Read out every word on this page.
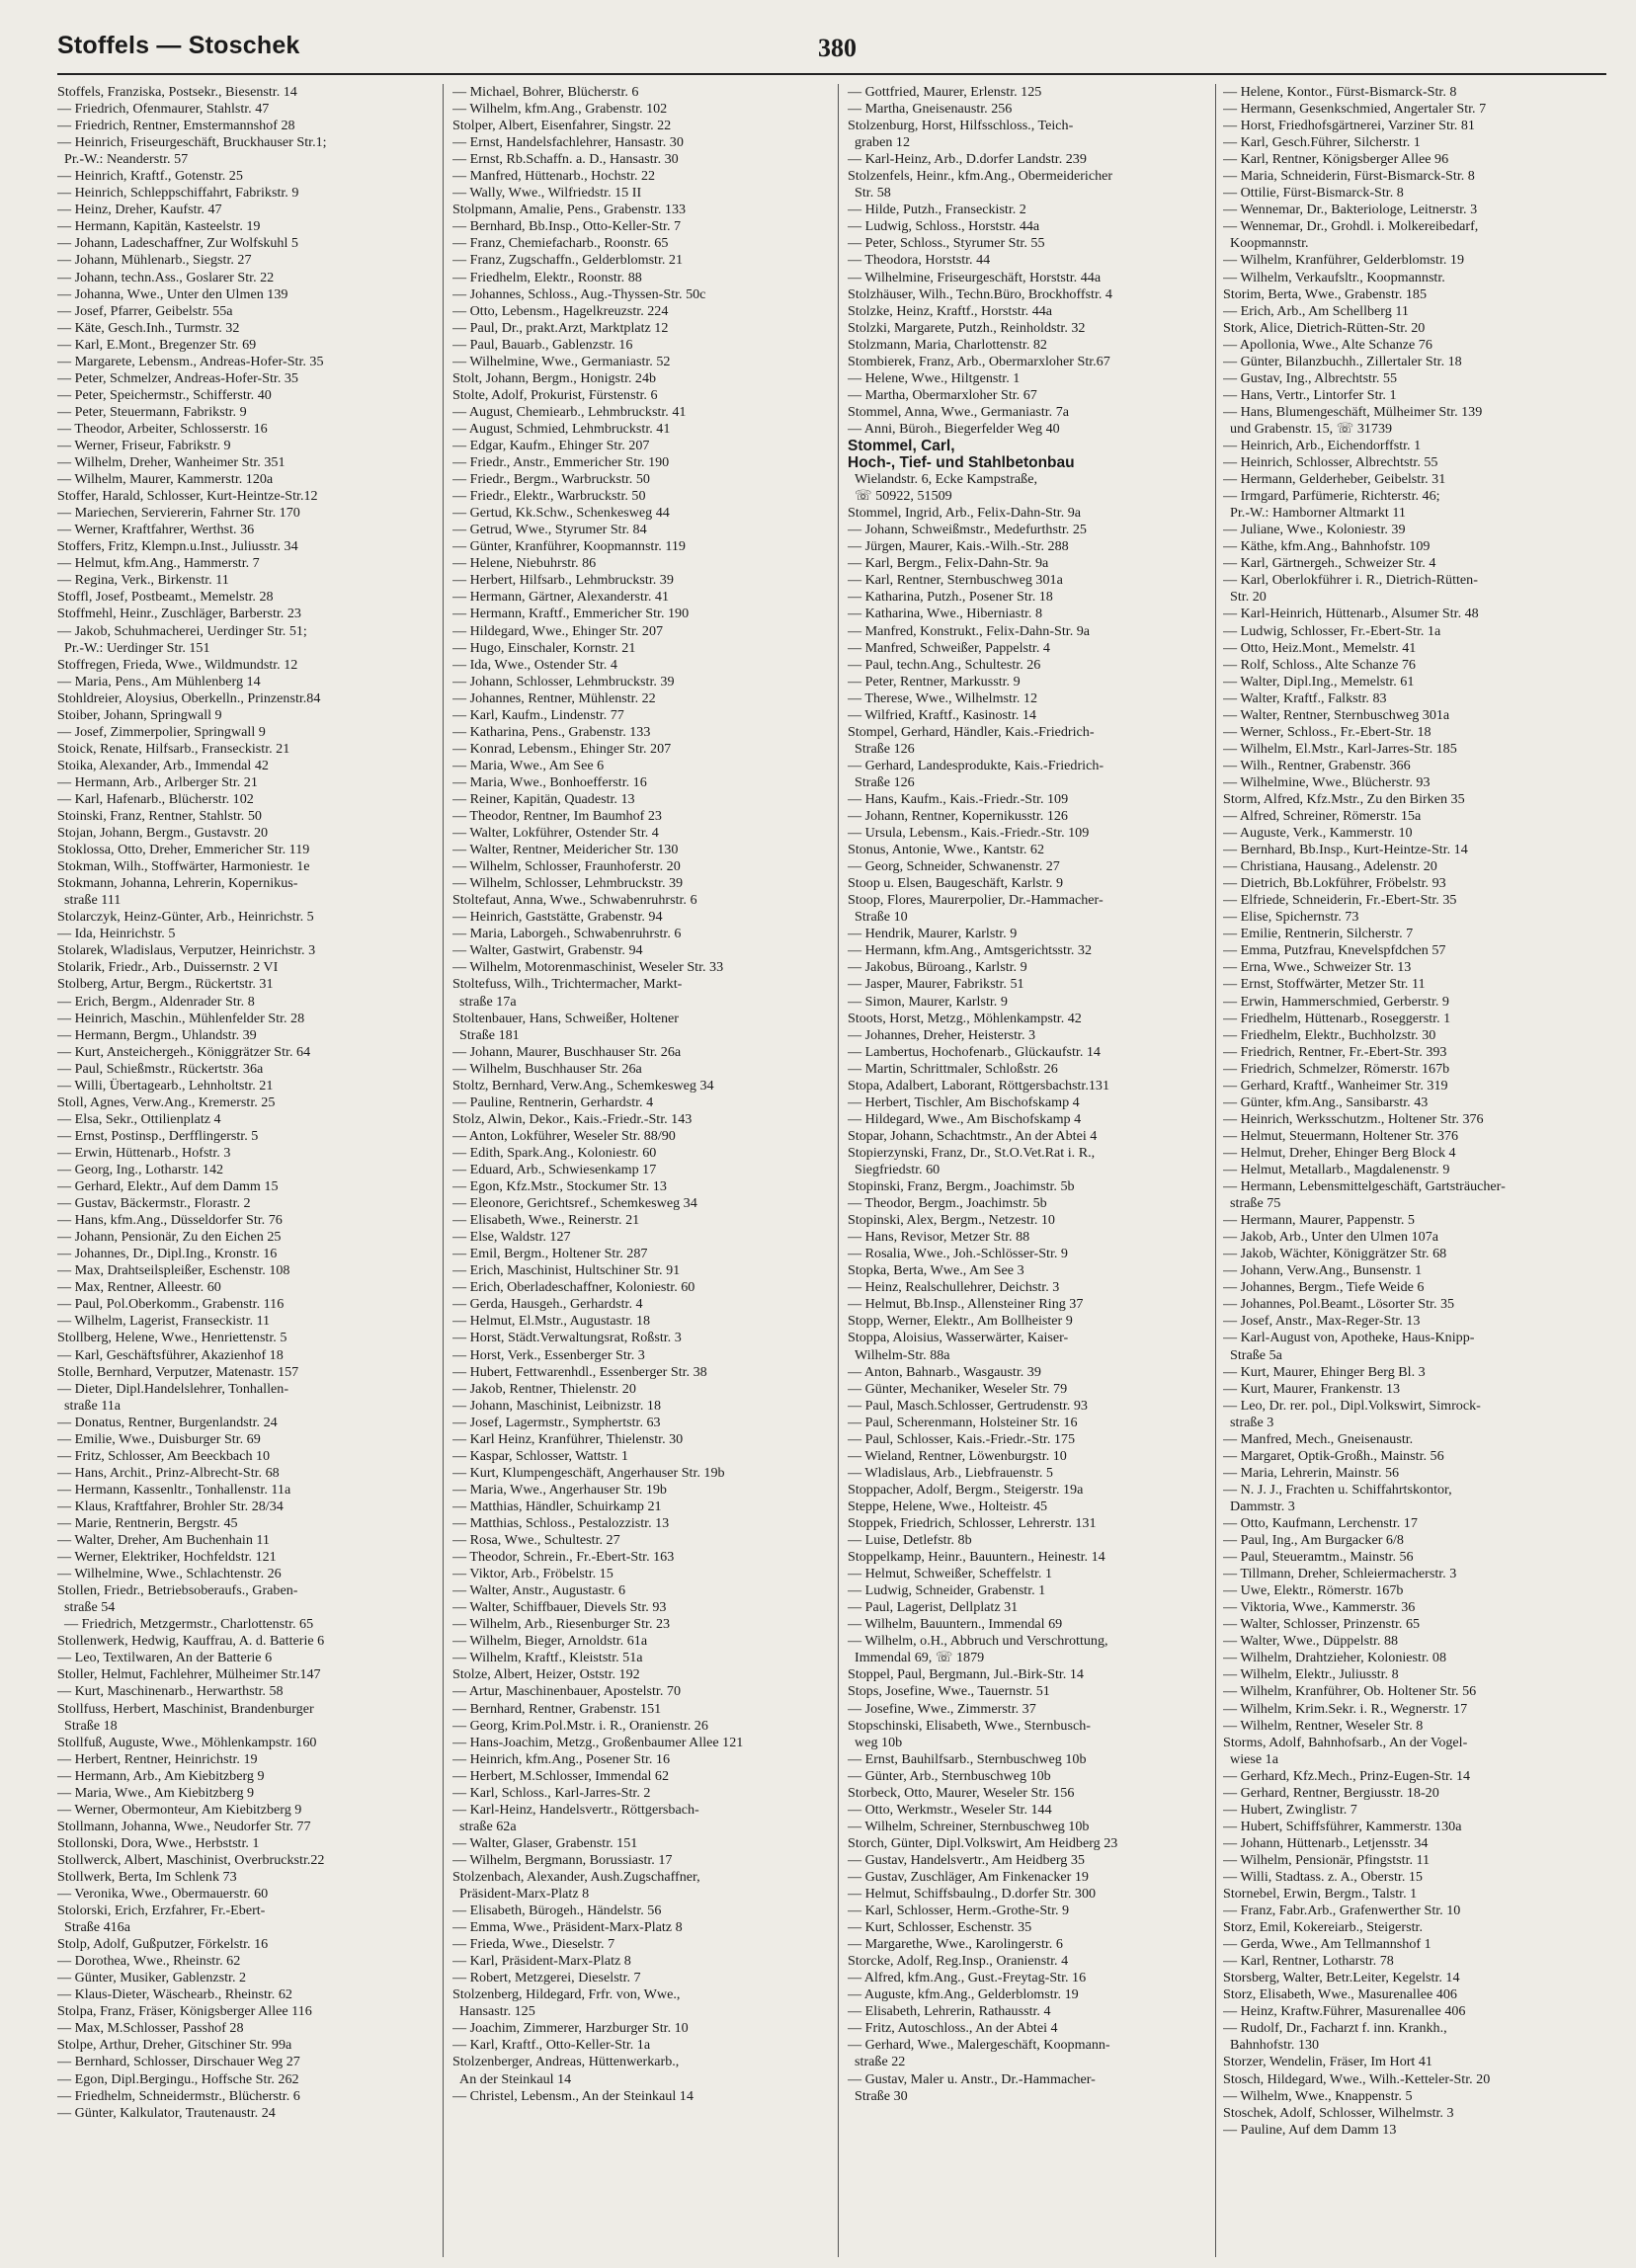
Stoffels — Stoschek	380
Stoffels, Franziska, Postsekr., Biesenstr. 14
— Friedrich, Ofenmaurer, Stahlstr. 47
— Friedrich, Rentner, Emstermannshof 28
— Heinrich, Friseurgeschäft, Bruckhauser Str.1;
Pr.-W.: Neanderstr. 57
— Heinrich, Kraftf., Gotenstr. 25
— Heinrich, Schleppschiffahrt, Fabrikstr. 9
— Heinz, Dreher, Kaufstr. 47
— Hermann, Kapitän, Kasteelstr. 19
— Johann, Ladeschaffner, Zur Wolfskuhl 5
— Johann, Mühlenarb., Siegstr. 27
— Johann, techn.Ass., Goslarer Str. 22
— Johanna, Wwe., Unter den Ulmen 139
— Josef, Pfarrer, Geibelstr. 55a
— Käte, Gesch.Inh., Turmstr. 32
— Karl, E.Mont., Bregenzer Str. 69
— Margarete, Lebensm., Andreas-Hofer-Str. 35
— Peter, Schmelzer, Andreas-Hofer-Str. 35
— Peter, Speichermstr., Schifferstr. 40
— Peter, Steuermann, Fabrikstr. 9
— Theodor, Arbeiter, Schlosserstr. 16
— Werner, Friseur, Fabrikstr. 9
— Wilhelm, Dreher, Wanheimer Str. 351
— Wilhelm, Maurer, Kammerstr. 120a
Stoffer, Harald, Schlosser, Kurt-Heintze-Str.12
— Mariechen, Serviererin, Fahrner Str. 170
— Werner, Kraftfahrer, Werthst. 36
Stoffers, Fritz, Klempn.u.Inst., Juliusstr. 34
— Helmut, kfm.Ang., Hammerstr. 7
— Regina, Verk., Birkenstr. 11
Stoffl, Josef, Postbeamt., Memelstr. 28
Stoffmehl, Heinr., Zuschläger, Barberstr. 23
— Jakob, Schuhmacherei, Uerdinger Str. 51;
Pr.-W.: Uerdinger Str. 151
Stoffregen, Frieda, Wwe., Wildmundstr. 12
— Maria, Pens., Am Mühlenberg 14
Stohldreier, Aloysius, Oberkelln., Prinzenstr.84
Stoiber, Johann, Springwall 9
— Josef, Zimmerpolier, Springwall 9
Stoick, Renate, Hilfsarb., Franseckistr. 21
Stoika, Alexander, Arb., Immendal 42
— Hermann, Arb., Arlberger Str. 21
— Karl, Hafenarb., Blücherstr. 102
Stoinski, Franz, Rentner, Stahlstr. 50
Stojan, Johann, Bergm., Gustavstr. 20
Stoklossa, Otto, Dreher, Emmericher Str. 119
Stokman, Wilh., Stoffwärter, Harmoniestr. 1e
Stokmann, Johanna, Lehrerin, Kopernikus-
straße 111
Stolarczyk, Heinz-Günter, Arb., Heinrichstr. 5
— Ida, Heinrichstr. 5
Stolarek, Wladislaus, Verputzer, Heinrichstr. 3
Stolarik, Friedr., Arb., Duissernstr. 2 VI
Stolberg, Artur, Bergm., Rückertstr. 31
— Erich, Bergm., Aldenrader Str. 8
— Heinrich, Maschin., Mühlenfelder Str. 28
— Hermann, Bergm., Uhlandstr. 39
— Kurt, Ansteichergeh., Königgrätzer Str. 64
— Paul, Schießmstr., Rückertstr. 36a
— Willi, Übertagearb., Lehnholtstr. 21
Stoll, Agnes, Verw.Ang., Kremerstr. 25
— Elsa, Sekr., Ottilienplatz 4
— Ernst, Postinsp., Derfflingerstr. 5
— Erwin, Hüttenarb., Hofstr. 3
— Georg, Ing., Lotharstr. 142
— Gerhard, Elektr., Auf dem Damm 15
— Gustav, Bäckermstr., Florastr. 2
— Hans, kfm.Ang., Düsseldorfer Str. 76
— Johann, Pensionär, Zu den Eichen 25
— Johannes, Dr., Dipl.Ing., Kronstr. 16
— Max, Drahtseilspleißer, Eschenstr. 108
— Max, Rentner, Alleestr. 60
— Paul, Pol.Oberkomm., Grabenstr. 116
— Wilhelm, Lagerist, Franseckistr. 11
Stollberg, Helene, Wwe., Henriettenstr. 5
— Karl, Geschäftsführer, Akazienhof 18
Stolle, Bernhard, Verputzer, Matenastr. 157
— Dieter, Dipl.Handelslehrer, Tonhallen-
straße 11a
— Donatus, Rentner, Burgenlandstr. 24
— Emilie, Wwe., Duisburger Str. 69
— Fritz, Schlosser, Am Beeckbach 10
— Hans, Archit., Prinz-Albrecht-Str. 68
— Hermann, Kassenltr., Tonhallenstr. 11a
— Klaus, Kraftfahrer, Brohler Str. 28/34
— Marie, Rentnerin, Bergstr. 45
— Walter, Dreher, Am Buchenhain 11
— Werner, Elektriker, Hochfeldstr. 121
— Wilhelmine, Wwe., Schlachtenstr. 26
Stollen, Friedr., Betriebsoberaufs., Graben-
straße 54
— Friedrich, Metzgermstr., Charlottenstr. 65
Stollenwerk, Hedwig, Kauffrau, A. d. Batterie 6
— Leo, Textilwaren, An der Batterie 6
Stoller, Helmut, Fachlehrer, Mülheimer Str.147
— Kurt, Maschinenarb., Herwarthstr. 58
Stollfuss, Herbert, Maschinist, Brandenburger
Straße 18
Stollfuß, Auguste, Wwe., Möhlenkampstr. 160
— Herbert, Rentner, Heinrichstr. 19
— Hermann, Arb., Am Kiebitzberg 9
— Maria, Wwe., Am Kiebitzberg 9
— Werner, Obermonteur, Am Kiebitzberg 9
Stollmann, Johanna, Wwe., Neudorfer Str. 77
Stollonski, Dora, Wwe., Herbststr. 1
Stollwerck, Albert, Maschinist, Overbruckstr.22
Stollwerk, Berta, Im Schlenk 73
— Veronika, Wwe., Obermauerstr. 60
Stolorski, Erich, Erzfahrer, Fr.-Ebert-
Straße 416a
Stolp, Adolf, Gußputzer, Förkelstr. 16
— Dorothea, Wwe., Rheinstr. 62
— Günter, Musiker, Gablenzstr. 2
— Klaus-Dieter, Wäschearb., Rheinstr. 62
Stolpa, Franz, Fräser, Königsberger Allee 116
— Max, M.Schlosser, Passhof 28
Stolpe, Arthur, Dreher, Gitschiner Str. 99a
— Bernhard, Schlosser, Dirschauer Weg 27
— Egon, Dipl.Bergingu., Hoffsche Str. 262
— Friedhelm, Schneidermstr., Blücherstr. 6
— Günter, Kalkulator, Trautenaustr. 24
— Michael, Bohrer, Blücherstr. 6
— Wilhelm, kfm.Ang., Grabenstr. 102
Stolper, Albert, Eisenfahrer, Singstr. 22
— Ernst, Handelsfachlehrer, Hansastr. 30
— Ernst, Rb.Schaffn. a. D., Hansastr. 30
— Manfred, Hüttenarb., Hochstr. 22
— Wally, Wwe., Wilfriedstr. 15 II
Stolpmann, Amalie, Pens., Grabenstr. 133
— Bernhard, Bb.Insp., Otto-Keller-Str. 7
— Franz, Chemiefacharb., Roonstr. 65
— Franz, Zugschaffn., Gelderblomstr. 21
— Friedhelm, Elektr., Roonstr. 88
— Johannes, Schloss., Aug.-Thyssen-Str. 50c
— Otto, Lebensm., Hagelkreuzstr. 224
— Paul, Dr., prakt.Arzt, Marktplatz 12
— Paul, Bauarb., Gablenzstr. 16
— Wilhelmine, Wwe., Germaniastr. 52
Stolt, Johann, Bergm., Honigstr. 24b
Stolte, Adolf, Prokurist, Fürstenstr. 6
— August, Chemiearb., Lehmbruckstr. 41
— August, Schmied, Lehmbruckstr. 41
— Edgar, Kaufm., Ehinger Str. 207
— Friedr., Anstr., Emmericher Str. 190
— Friedr., Bergm., Warbruckstr. 50
— Friedr., Elektr., Warbruckstr. 50
— Gertud, Kk.Schw., Schenkesweg 44
— Getrud, Wwe., Styrumer Str. 84
— Günter, Kranführer, Koopmannstr. 119
— Helene, Niebuhrstr. 86
— Herbert, Hilfsarb., Lehmbruckstr. 39
— Hermann, Gärtner, Alexanderstr. 41
— Hermann, Kraftf., Emmericher Str. 190
— Hildegard, Wwe., Ehinger Str. 207
— Hugo, Einschaler, Kornstr. 21
— Ida, Wwe., Ostender Str. 4
— Johann, Schlosser, Lehmbruckstr. 39
— Johannes, Rentner, Mühlenstr. 22
— Karl, Kaufm., Lindenstr. 77
— Katharina, Pens., Grabenstr. 133
— Konrad, Lebensm., Ehinger Str. 207
— Maria, Wwe., Am See 6
— Maria, Wwe., Bonhoefferstr. 16
— Reiner, Kapitän, Quadestr. 13
— Theodor, Rentner, Im Baumhof 23
— Walter, Lokführer, Ostender Str. 4
— Walter, Rentner, Meidericher Str. 130
— Wilhelm, Schlosser, Fraunhoferstr. 20
— Wilhelm, Schlosser, Lehmbruckstr. 39
Stoltefaut, Anna, Wwe., Schwabenruhrstr. 6
— Heinrich, Gaststätte, Grabenstr. 94
— Maria, Laborgeh., Schwabenruhrstr. 6
— Walter, Gastwirt, Grabenstr. 94
— Wilhelm, Motorenmaschinist, Weseler Str. 33
Stoltefuss, Wilh., Trichtermacher, Markt-
straße 17a
Stoltenbauer, Hans, Schweißer, Holtener
Straße 181
— Johann, Maurer, Buschhauser Str. 26a
— Wilhelm, Buschhauser Str. 26a
Stoltz, Bernhard, Verw.Ang., Schemkesweg 34
— Pauline, Rentnerin, Gerhardstr. 4
Stolz, Alwin, Dekor., Kais.-Friedr.-Str. 143
— Anton, Lokführer, Weseler Str. 88/90
— Edith, Spark.Ang., Koloniestr. 60
— Eduard, Arb., Schwiesenkamp 17
— Egon, Kfz.Mstr., Stockumer Str. 13
— Eleonore, Gerichtsref., Schemkesweg 34
— Elisabeth, Wwe., Reinerstr. 21
— Else, Waldstr. 127
— Emil, Bergm., Holtener Str. 287
— Erich, Maschinist, Hultschiner Str. 91
— Erich, Oberladeschaffner, Koloniestr. 60
— Gerda, Hausgeh., Gerhardstr. 4
— Helmut, El.Mstr., Augustastr. 18
— Horst, Städt.Verwaltungsrat, Roßstr. 3
— Horst, Verk., Essenberger Str. 3
— Hubert, Fettwarenhdl., Essenberger Str. 38
— Jakob, Rentner, Thielenstr. 20
— Johann, Maschinist, Leibnizstr. 18
— Josef, Lagermstr., Symphertstr. 63
— Karl Heinz, Kranführer, Thielenstr. 30
— Kaspar, Schlosser, Wattstr. 1
— Kurt, Klumpengeschäft, Angerhauser Str. 19b
— Maria, Wwe., Angerhauser Str. 19b
— Matthias, Händler, Schuirkamp 21
— Matthias, Schloss., Pestalozzistr. 13
— Rosa, Wwe., Schultestr. 27
— Theodor, Schrein., Fr.-Ebert-Str. 163
— Viktor, Arb., Fröbelstr. 15
— Walter, Anstr., Augustastr. 6
— Walter, Schiffbauer, Dievels Str. 93
— Wilhelm, Arb., Riesenburger Str. 23
— Wilhelm, Bieger, Arnoldstr. 61a
— Wilhelm, Kraftf., Kleiststr. 51a
Stolze, Albert, Heizer, Oststr. 192
— Artur, Maschinenbauer, Apostelstr. 70
— Bernhard, Rentner, Grabenstr. 151
— Georg, Krim.Pol.Mstr. i. R., Oranienstr. 26
— Hans-Joachim, Metzg., Großenbaumer Allee 121
— Heinrich, kfm.Ang., Posener Str. 16
— Herbert, M.Schlosser, Immendal 62
— Karl, Schloss., Karl-Jarres-Str. 2
— Karl-Heinz, Handelsvertr., Röttgersbach-
straße 62a
— Walter, Glaser, Grabenstr. 151
— Wilhelm, Bergmann, Borussiastr. 17
Stolzenbach, Alexander, Aush.Zugschaffner,
Präsident-Marx-Platz 8
— Elisabeth, Bürogeh., Händelstr. 56
— Emma, Wwe., Präsident-Marx-Platz 8
— Frieda, Wwe., Dieselstr. 7
— Karl, Präsident-Marx-Platz 8
— Robert, Metzgerei, Dieselstr. 7
Stolzenberg, Hildegard, Frfr. von, Wwe.,
Hansastr. 125
— Joachim, Zimmerer, Harzburger Str. 10
— Karl, Kraftf., Otto-Keller-Str. 1a
Stolzenberger, Andreas, Hüttenwerkarb.,
An der Steinkaul 14
— Christel, Lebensm., An der Steinkaul 14
— Gottfried, Maurer, Erlenstr. 125
— Martha, Gneisenaustr. 256
Stolzenburg, Horst, Hilfsschloss., Teich-
graben 12
— Karl-Heinz, Arb., D.dorfer Landstr. 239
Stolzenfels, Heinr., kfm.Ang., Obermeidericher
Str. 58
— Hilde, Putzh., Franseckistr. 2
— Ludwig, Schloss., Horststr. 44a
— Peter, Schloss., Styrumer Str. 55
— Theodora, Horststr. 44
— Wilhelmine, Friseurgeschäft, Horststr. 44a
Stolzhäuser, Wilh., Techn.Büro, Brockhoffstr. 4
Stolzke, Heinz, Kraftf., Horststr. 44a
Stolzki, Margarete, Putzh., Reinholdstr. 32
Stolzmann, Maria, Charlottenstr. 82
Stombierek, Franz, Arb., Obermarxloher Str.67
— Helene, Wwe., Hiltgenstr. 1
— Martha, Obermarxloher Str. 67
Stommel, Anna, Wwe., Germaniastr. 7a
— Anni, Büroh., Biegerfelder Weg 40
Stommel, Carl,
Hoch-, Tief- und Stahlbetonbau
Wielandstr. 6, Ecke Kampstraße,
☏ 50922, 51509
Stommel, Ingrid, Arb., Felix-Dahn-Str. 9a
— Johann, Schweißmstr., Medefurthstr. 25
— Jürgen, Maurer, Kais.-Wilh.-Str. 288
— Karl, Bergm., Felix-Dahn-Str. 9a
— Karl, Rentner, Sternbuschweg 301a
— Katharina, Putzh., Posener Str. 18
— Katharina, Wwe., Hiberniastr. 8
— Manfred, Konstrukt., Felix-Dahn-Str. 9a
— Manfred, Schweißer, Pappelstr. 4
— Paul, techn.Ang., Schultestr. 26
— Peter, Rentner, Markusstr. 9
— Therese, Wwe., Wilhelmstr. 12
— Wilfried, Kraftf., Kasinostr. 14
Stompel, Gerhard, Händler, Kais.-Friedrich-
Straße 126
— Gerhard, Landesprodukte, Kais.-Friedrich-
Straße 126
— Hans, Kaufm., Kais.-Friedr.-Str. 109
— Johann, Rentner, Kopernikusstr. 126
— Ursula, Lebensm., Kais.-Friedr.-Str. 109
Stonus, Antonie, Wwe., Kantstr. 62
— Georg, Schneider, Schwanenstr. 27
Stoop u. Elsen, Baugeschäft, Karlstr. 9
Stoop, Flores, Maurerpolier, Dr.-Hammacher-
Straße 10
— Hendrik, Maurer, Karlstr. 9
— Hermann, kfm.Ang., Amtsgerichtsstr. 32
— Jakobus, Büroang., Karlstr. 9
— Jasper, Maurer, Fabrikstr. 51
— Simon, Maurer, Karlstr. 9
Stoots, Horst, Metzg., Möhlenkampstr. 42
— Johannes, Dreher, Heisterstr. 3
— Lambertus, Hochofenarb., Glückaufstr. 14
— Martin, Schrittmaler, Schloßstr. 26
Stopa, Adalbert, Laborant, Röttgersbachstr.131
— Herbert, Tischler, Am Bischofskamp 4
— Hildegard, Wwe., Am Bischofskamp 4
Stopar, Johann, Schachtmstr., An der Abtei 4
Stopierzynski, Franz, Dr., St.O.Vet.Rat i. R.,
Siegfriedstr. 60
Stopinski, Franz, Bergm., Joachimstr. 5b
— Theodor, Bergm., Joachimstr. 5b
Stopinski, Alex, Bergm., Netzestr. 10
— Hans, Revisor, Metzer Str. 88
— Rosalia, Wwe., Joh.-Schlösser-Str. 9
Stopka, Berta, Wwe., Am See 3
— Heinz, Realschullehrer, Deichstr. 3
— Helmut, Bb.Insp., Allensteiner Ring 37
Stopp, Werner, Elektr., Am Bollheister 9
Stoppa, Aloisius, Wasserwärter, Kaiser-
Wilhelm-Str. 88a
— Anton, Bahnarb., Wasgaustr. 39
— Günter, Mechaniker, Weseler Str. 79
— Paul, Masch.Schlosser, Gertrudenstr. 93
— Paul, Scherenmann, Holsteiner Str. 16
— Paul, Schlosser, Kais.-Friedr.-Str. 175
— Wieland, Rentner, Löwenburgstr. 10
— Wladislaus, Arb., Liebfrauenstr. 5
Stoppacher, Adolf, Bergm., Steigerstr. 19a
Steppe, Helene, Wwe., Holteistr. 45
Stoppek, Friedrich, Schlosser, Lehrerstr. 131
— Luise, Detlefstr. 8b
Stoppelkamp, Heinr., Bauuntern., Heinestr. 14
— Helmut, Schweißer, Scheffelstr. 1
— Ludwig, Schneider, Grabenstr. 1
— Paul, Lagerist, Dellplatz 31
— Wilhelm, Bauuntern., Immendal 69
— Wilhelm, o.H., Abbruch und Verschrottung,
Immendal 69, ☏ 1879
Stoppel, Paul, Bergmann, Jul.-Birk-Str. 14
Stops, Josefine, Wwe., Tauernstr. 51
— Josefine, Wwe., Zimmerstr. 37
Stopschinski, Elisabeth, Wwe., Sternbusch-
weg 10b
— Ernst, Bauhilfsarb., Sternbuschweg 10b
— Günter, Arb., Sternbuschweg 10b
Storbeck, Otto, Maurer, Weseler Str. 156
— Otto, Werkmstr., Weseler Str. 144
— Wilhelm, Schreiner, Sternbuschweg 10b
Storch, Günter, Dipl.Volkswirt, Am Heidberg 23
— Gustav, Handelsvertr., Am Heidberg 35
— Gustav, Zuschläger, Am Finkenacker 19
— Helmut, Schiffsbaulng., D.dorfer Str. 300
— Karl, Schlosser, Herm.-Grothe-Str. 9
— Kurt, Schlosser, Eschenstr. 35
— Margarethe, Wwe., Karolingerstr. 6
Storcke, Adolf, Reg.Insp., Oranienstr. 4
— Alfred, kfm.Ang., Gust.-Freytag-Str. 16
— Auguste, kfm.Ang., Gelderblomstr. 19
— Elisabeth, Lehrerin, Rathausstr. 4
— Fritz, Autoschloss., An der Abtei 4
— Gerhard, Wwe., Malergeschäft, Koopmann-
straße 22
— Gustav, Maler u. Anstr., Dr.-Hammacher-
Straße 30
— Helene, Kontor., Fürst-Bismarck-Str. 8
— Hermann, Gesenkschmied, Angertaler Str. 7
— Horst, Friedhofsgärtnerei, Varziner Str. 81
— Karl, Gesch.Führer, Silcherstr. 1
— Karl, Rentner, Königsberger Allee 96
— Maria, Schneiderin, Fürst-Bismarck-Str. 8
— Ottilie, Fürst-Bismarck-Str. 8
— Wennemar, Dr., Bakteriologe, Leitnerstr. 3
— Wennemar, Dr., Grohdl. i. Molkereibedarf,
Koopmannstr.
— Wilhelm, Kranführer, Gelderblomstr. 19
— Wilhelm, Verkaufsltr., Koopmannstr.
Storim, Berta, Wwe., Grabenstr. 185
— Erich, Arb., Am Schellberg 11
Stork, Alice, Dietrich-Rütten-Str. 20
— Apollonia, Wwe., Alte Schanze 76
— Günter, Bilanzbuchh., Zillertaler Str. 18
— Gustav, Ing., Albrechtstr. 55
— Hans, Vertr., Lintorfer Str. 1
— Hans, Blumengeschäft, Mülheimer Str. 139
und Grabenstr. 15, ☏ 31739
— Heinrich, Arb., Eichendorffstr. 1
— Heinrich, Schlosser, Albrechtstr. 55
— Hermann, Gelderheber, Geibelstr. 31
— Irmgard, Parfümerie, Richterstr. 46;
Pr.-W.: Hamborner Altmarkt 11
— Juliane, Wwe., Koloniestr. 39
— Käthe, kfm.Ang., Bahnhofstr. 109
— Karl, Gärtnergeh., Schweizer Str. 4
— Karl, Oberlokführer i. R., Dietrich-Rütten-
Str. 20
— Karl-Heinrich, Hüttenarb., Alsumer Str. 48
— Ludwig, Schlosser, Fr.-Ebert-Str. 1a
— Otto, Heiz.Mont., Memelstr. 41
— Rolf, Schloss., Alte Schanze 76
— Walter, Dipl.Ing., Memelstr. 61
— Walter, Kraftf., Falkstr. 83
— Walter, Rentner, Sternbuschweg 301a
— Werner, Schloss., Fr.-Ebert-Str. 18
— Wilhelm, El.Mstr., Karl-Jarres-Str. 185
— Wilh., Rentner, Grabenstr. 366
— Wilhelmine, Wwe., Blücherstr. 93
Storm, Alfred, Kfz.Mstr., Zu den Birken 35
— Alfred, Schreiner, Römerstr. 15a
— Auguste, Verk., Kammerstr. 10
— Bernhard, Bb.Insp., Kurt-Heintze-Str. 14
— Christiana, Hausang., Adelenstr. 20
— Dietrich, Bb.Lokführer, Fröbelstr. 93
— Elfriede, Schneiderin, Fr.-Ebert-Str. 35
— Elise, Spichernstr. 73
— Emilie, Rentnerin, Silcherstr. 7
— Emma, Putzfrau, Knevelspfdchen 57
— Erna, Wwe., Schweizer Str. 13
— Ernst, Stoffwärter, Metzer Str. 11
— Erwin, Hammerschmied, Gerberstr. 9
— Friedhelm, Hüttenarb., Roseggerstr. 1
— Friedhelm, Elektr., Buchholzstr. 30
— Friedrich, Rentner, Fr.-Ebert-Str. 393
— Friedrich, Schmelzer, Römerstr. 167b
— Gerhard, Kraftf., Wanheimer Str. 319
— Günter, kfm.Ang., Sansibarstr. 43
— Heinrich, Werksschutzm., Holtener Str. 376
— Helmut, Steuermann, Holtener Str. 376
— Helmut, Dreher, Ehinger Berg Block 4
— Helmut, Metallarb., Magdalenenstr. 9
— Hermann, Lebensmittelgeschäft, Gartsträucher-
straße 75
— Hermann, Maurer, Pappenstr. 5
— Jakob, Arb., Unter den Ulmen 107a
— Jakob, Wächter, Königgrätzer Str. 68
— Johann, Verw.Ang., Bunsenstr. 1
— Johannes, Bergm., Tiefe Weide 6
— Johannes, Pol.Beamt., Lösorter Str. 35
— Josef, Anstr., Max-Reger-Str. 13
— Karl-August von, Apotheke, Haus-Knipp-
Straße 5a
— Kurt, Maurer, Ehinger Berg Bl. 3
— Kurt, Maurer, Frankenstr. 13
— Leo, Dr. rer. pol., Dipl.Volkswirt, Simrock-
straße 3
— Manfred, Mech., Gneisenaustr.
— Margaret, Optik-Großh., Mainstr. 56
— Maria, Lehrerin, Mainstr. 56
— N. J. J., Frachten u. Schiffahrtskontor,
Dammstr. 3
— Otto, Kaufmann, Lerchenstr. 17
— Paul, Ing., Am Burgacker 6/8
— Paul, Steueramtm., Mainstr. 56
— Tillmann, Dreher, Schleiermacherstr. 3
— Uwe, Elektr., Römerstr. 167b
— Viktoria, Wwe., Kammerstr. 36
— Walter, Schlosser, Prinzenstr. 65
— Walter, Wwe., Düppelstr. 88
— Wilhelm, Drahtzieher, Koloniestr. 08
— Wilhelm, Elektr., Juliusstr. 8
— Wilhelm, Kranführer, Ob. Holtener Str. 56
— Wilhelm, Krim.Sekr. i. R., Wegnerstr. 17
— Wilhelm, Rentner, Weseler Str. 8
Storms, Adolf, Bahnhofsarb., An der Vogel-
wiese 1a
— Gerhard, Kfz.Mech., Prinz-Eugen-Str. 14
— Gerhard, Rentner, Bergiusstr. 18-20
— Hubert, Zwinglistr. 7
— Hubert, Schiffsführer, Kammerstr. 130a
— Johann, Hüttenarb., Letjensstr. 34
— Wilhelm, Pensionär, Pfingststr. 11
— Willi, Stadtass. z. A., Oberstr. 15
Stornebel, Erwin, Bergm., Talstr. 1
— Franz, Fabr.Arb., Grafenwerther Str. 10
Storz, Emil, Kokereiarb., Steigerstr.
— Gerda, Wwe., Am Tellmannshof 1
— Karl, Rentner, Lotharstr. 78
Storsberg, Walter, Betr.Leiter, Kegelstr. 14
Storz, Elisabeth, Wwe., Masurenallee 406
— Heinz, Kraftw.Führer, Masurenallee 406
— Rudolf, Dr., Facharzt f. inn. Krankh.,
Bahnhofstr. 130
Storzer, Wendelin, Fräser, Im Hort 41
Stosch, Hildegard, Wwe., Wilh.-Ketteler-Str. 20
— Wilhelm, Wwe., Knappenstr. 5
Stoschek, Adolf, Schlosser, Wilhelmstr. 3
— Pauline, Auf dem Damm 13
